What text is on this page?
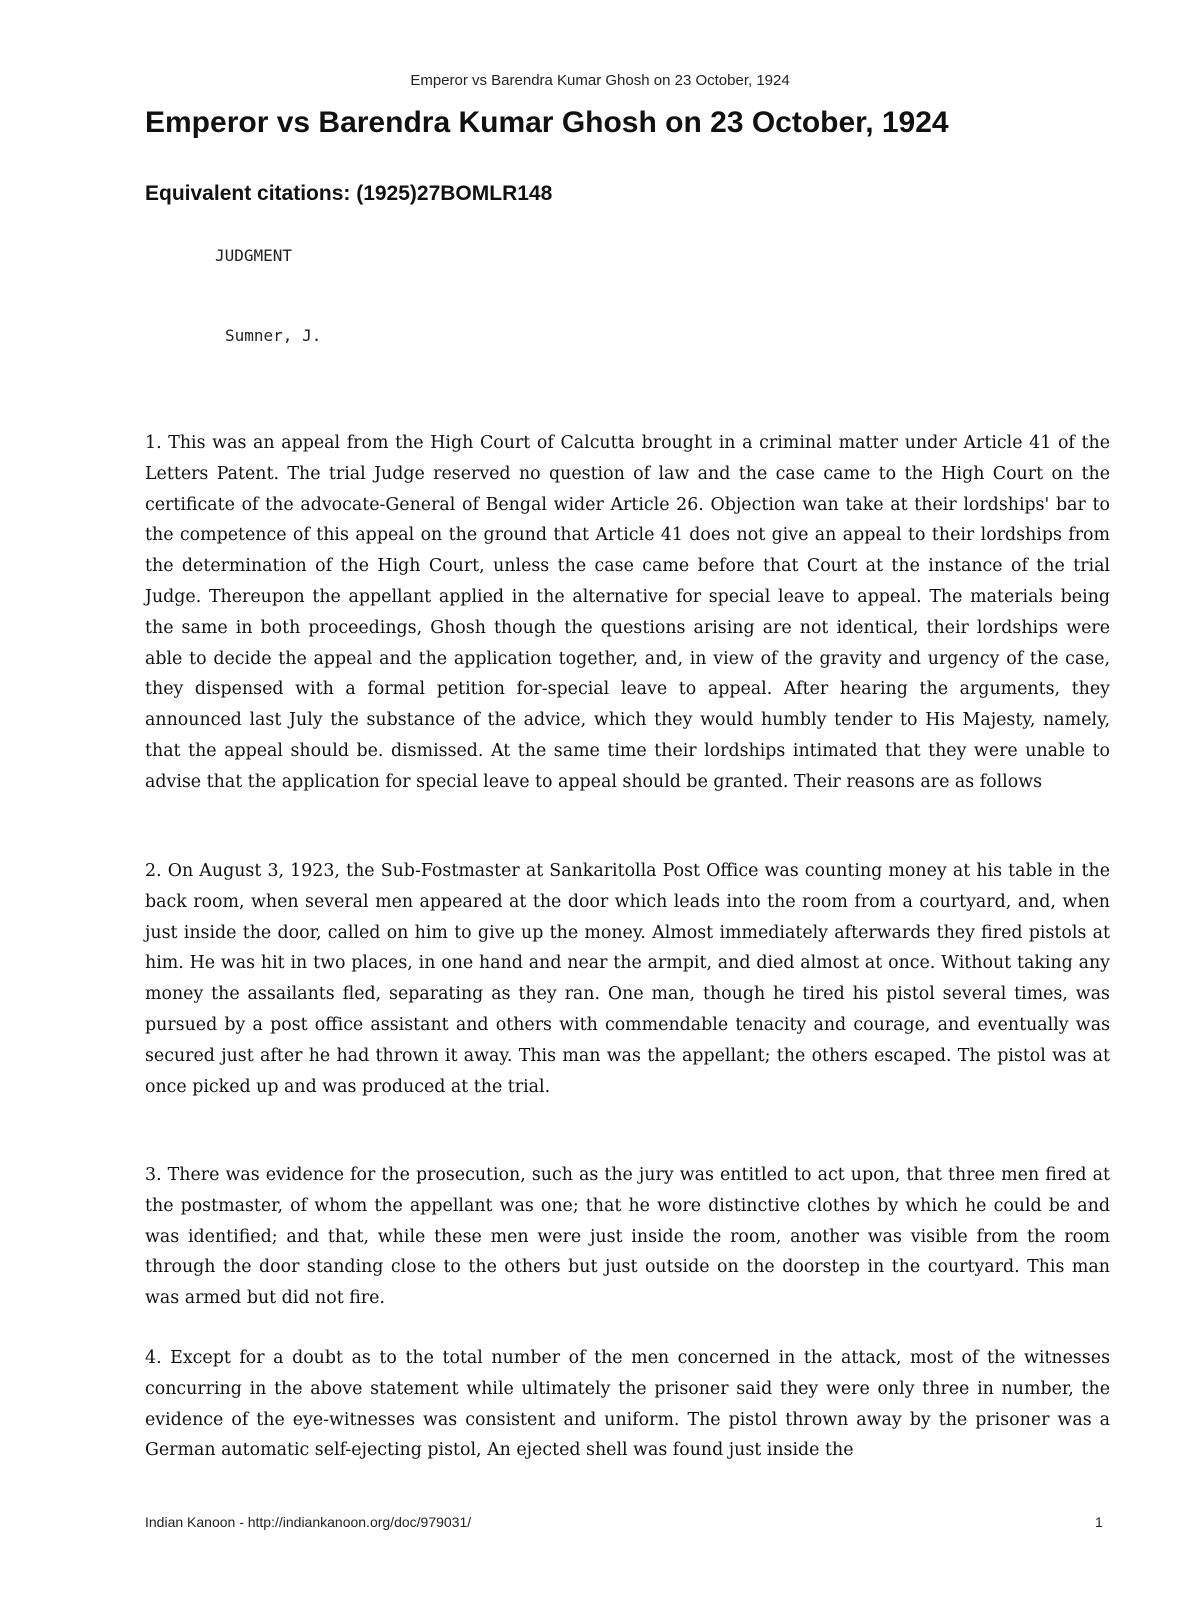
Emperor vs Barendra Kumar Ghosh on 23 October, 1924
Emperor vs Barendra Kumar Ghosh on 23 October, 1924
Equivalent citations: (1925)27BOMLR148
JUDGMENT
Sumner, J.

1. This was an appeal from the High Court of Calcutta brought in a criminal matter under Article 41 of the Letters Patent. The trial Judge reserved no question of law and the case came to the High Court on the certificate of the advocate-General of Bengal wider Article 26. Objection wan take at their lordships' bar to the competence of this appeal on the ground that Article 41 does not give an appeal to their lordships from the determination of the High Court, unless the case came before that Court at the instance of the trial Judge. Thereupon the appellant applied in the alternative for special leave to appeal. The materials being the same in both proceedings, Ghosh though the questions arising are not identical, their lordships were able to decide the appeal and the application together, and, in view of the gravity and urgency of the case, they dispensed with a formal petition for-special leave to appeal. After hearing the arguments, they announced last July the substance of the advice, which they would humbly tender to His Majesty, namely, that the appeal should be. dismissed. At the same time their lordships intimated that they were unable to advise that the application for special leave to appeal should be granted. Their reasons are as follows

2. On August 3, 1923, the Sub-Fostmaster at Sankaritolla Post Office was counting money at his table in the back room, when several men appeared at the door which leads into the room from a courtyard, and, when just inside the door, called on him to give up the money. Almost immediately afterwards they fired pistols at him. He was hit in two places, in one hand and near the armpit, and died almost at once. Without taking any money the assailants fled, separating as they ran. One man, though he tired his pistol several times, was pursued by a post office assistant and others with commendable tenacity and courage, and eventually was secured just after he had thrown it away. This man was the appellant; the others escaped. The pistol was at once picked up and was produced at the trial.

3. There was evidence for the prosecution, such as the jury was entitled to act upon, that three men fired at the postmaster, of whom the appellant was one; that he wore distinctive clothes by which he could be and was identified; and that, while these men were just inside the room, another was visible from the room through the door standing close to the others but just outside on the doorstep in the courtyard. This man was armed but did not fire.

4. Except for a doubt as to the total number of the men concerned in the attack, most of the witnesses concurring in the above statement while ultimately the prisoner said they were only three in number, the evidence of the eye-witnesses was consistent and uniform. The pistol thrown away by the prisoner was a German automatic self-ejecting pistol, An ejected shell was found just inside the

Indian Kanoon - http://indiankanoon.org/doc/979031/	1
